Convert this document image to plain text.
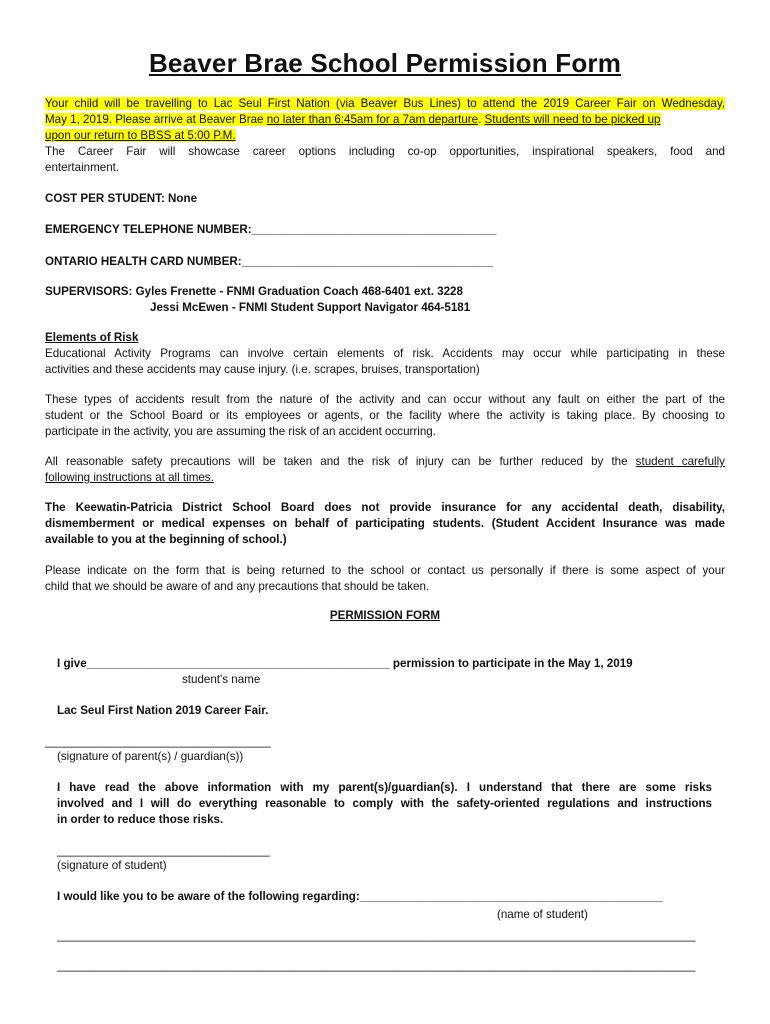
Beaver Brae School Permission Form
Your child will be travelling to Lac Seul First Nation (via Beaver Bus Lines) to attend the 2019 Career Fair on Wednesday,
May 1, 2019. Please arrive at Beaver Brae no later than 6:45am for a 7am departure. Students will need to be picked up
upon our return to BBSS at 5:00 P.M.
The Career Fair will showcase career options including co-op opportunities, inspirational speakers, food and
entertainment.
COST PER STUDENT: None
EMERGENCY TELEPHONE NUMBER:______________________________________
ONTARIO HEALTH CARD NUMBER:_______________________________________
SUPERVISORS: Gyles Frenette - FNMI Graduation Coach 468-6401 ext. 3228
Jessi McEwen - FNMI Student Support Navigator 464-5181
Elements of Risk
Educational Activity Programs can involve certain elements of risk. Accidents may occur while participating in these
activities and these accidents may cause injury. (i.e. scrapes, bruises, transportation)
These types of accidents result from the nature of the activity and can occur without any fault on either the part of the
student or the School Board or its employees or agents, or the facility where the activity is taking place. By choosing to
participate in the activity, you are assuming the risk of an accident occurring.
All reasonable safety precautions will be taken and the risk of injury can be further reduced by the student carefully
following instructions at all times.
The Keewatin-Patricia District School Board does not provide insurance for any accidental death, disability,
dismemberment or medical expenses on behalf of participating students. (Student Accident Insurance was made
available to you at the beginning of school.)
Please indicate on the form that is being returned to the school or contact us personally if there is some aspect of your
child that we should be aware of and any precautions that should be taken.
PERMISSION FORM
I give_______________________________________________ permission to participate in the May 1, 2019
student's name
Lac Seul First Nation 2019 Career Fair.
___________________________________
(signature of parent(s) / guardian(s))
I have read the above information with my parent(s)/guardian(s). I understand that there are some risks
involved and I will do everything reasonable to comply with the safety-oriented regulations and instructions
in order to reduce those risks.
_________________________________
(signature of student)
I would like you to be aware of the following regarding:_______________________________________________
(name of student)
___________________________________________________________________________________________________
___________________________________________________________________________________________________
